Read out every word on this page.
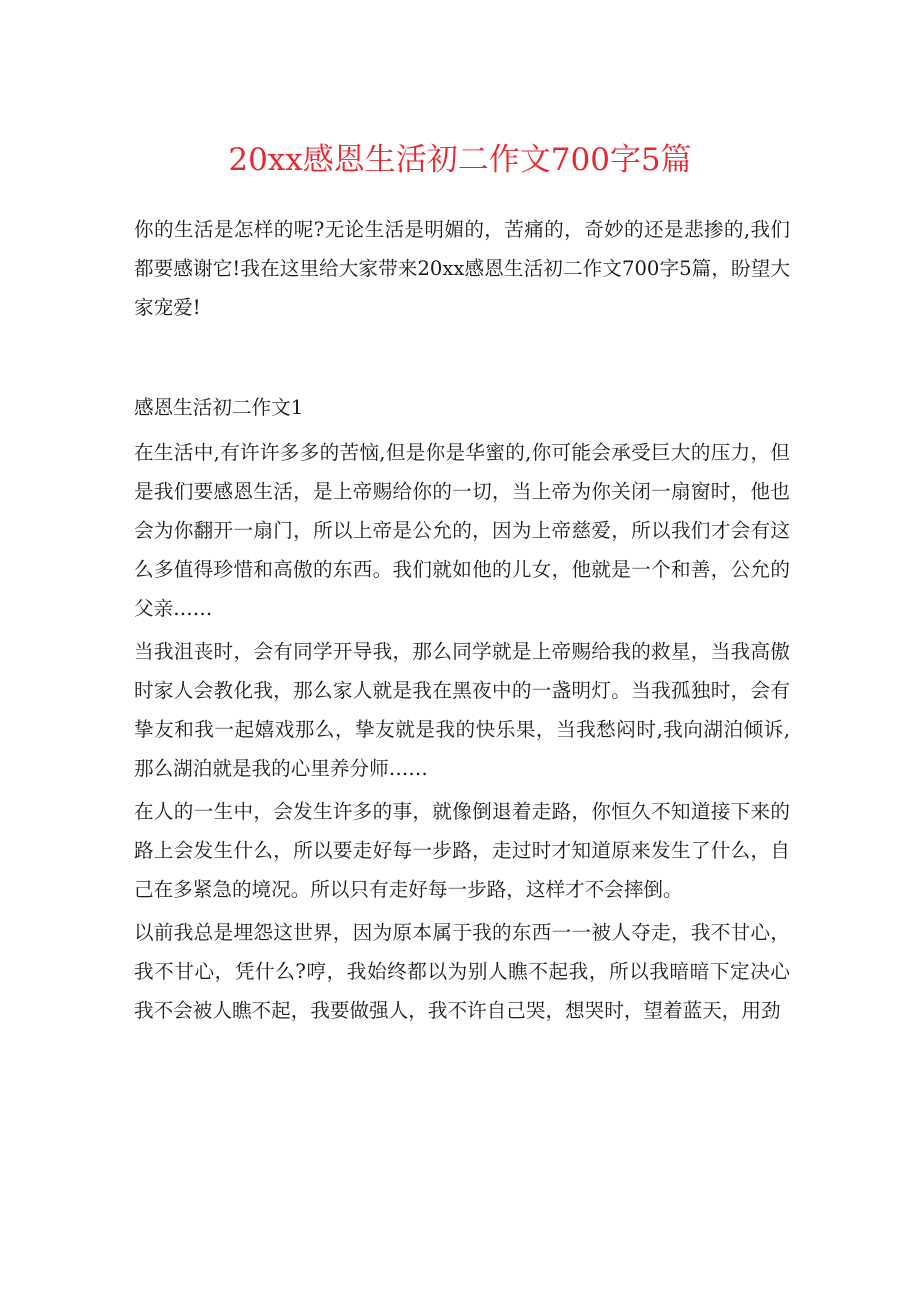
20xx感恩生活初二作文700字5篇

你的生活是怎样的呢?无论生活是明媚的，苦痛的，奇妙的还是悲掺的,我们都要感谢它!我在这里给大家带来20xx感恩生活初二作文700字5篇，盼望大家宠爱!

感恩生活初二作文1

在生活中,有许许多多的苦恼,但是你是华蜜的,你可能会承受巨大的压力，但是我们要感恩生活，是上帝赐给你的一切，当上帝为你关闭一扇窗时，他也会为你翻开一扇门，所以上帝是公允的，因为上帝慈爱，所以我们才会有这么多值得珍惜和高傲的东西。我们就如他的儿女，他就是一个和善，公允的父亲……

当我沮丧时，会有同学开导我，那么同学就是上帝赐给我的救星，当我高傲时家人会教化我，那么家人就是我在黑夜中的一盏明灯。当我孤独时，会有挚友和我一起嬉戏那么，挚友就是我的快乐果，当我愁闷时,我向湖泊倾诉,那么湖泊就是我的心里养分师……

在人的一生中，会发生许多的事，就像倒退着走路，你恒久不知道接下来的路上会发生什么，所以要走好每一步路，走过时才知道原来发生了什么，自己在多紧急的境况。所以只有走好每一步路，这样才不会摔倒。

以前我总是埋怨这世界，因为原本属于我的东西一一被人夺走，我不甘心，我不甘心，凭什么?哼，我始终都以为别人瞧不起我，所以我暗暗下定决心我不会被人瞧不起，我要做强人，我不许自己哭，想哭时，望着蓝天，用劲
